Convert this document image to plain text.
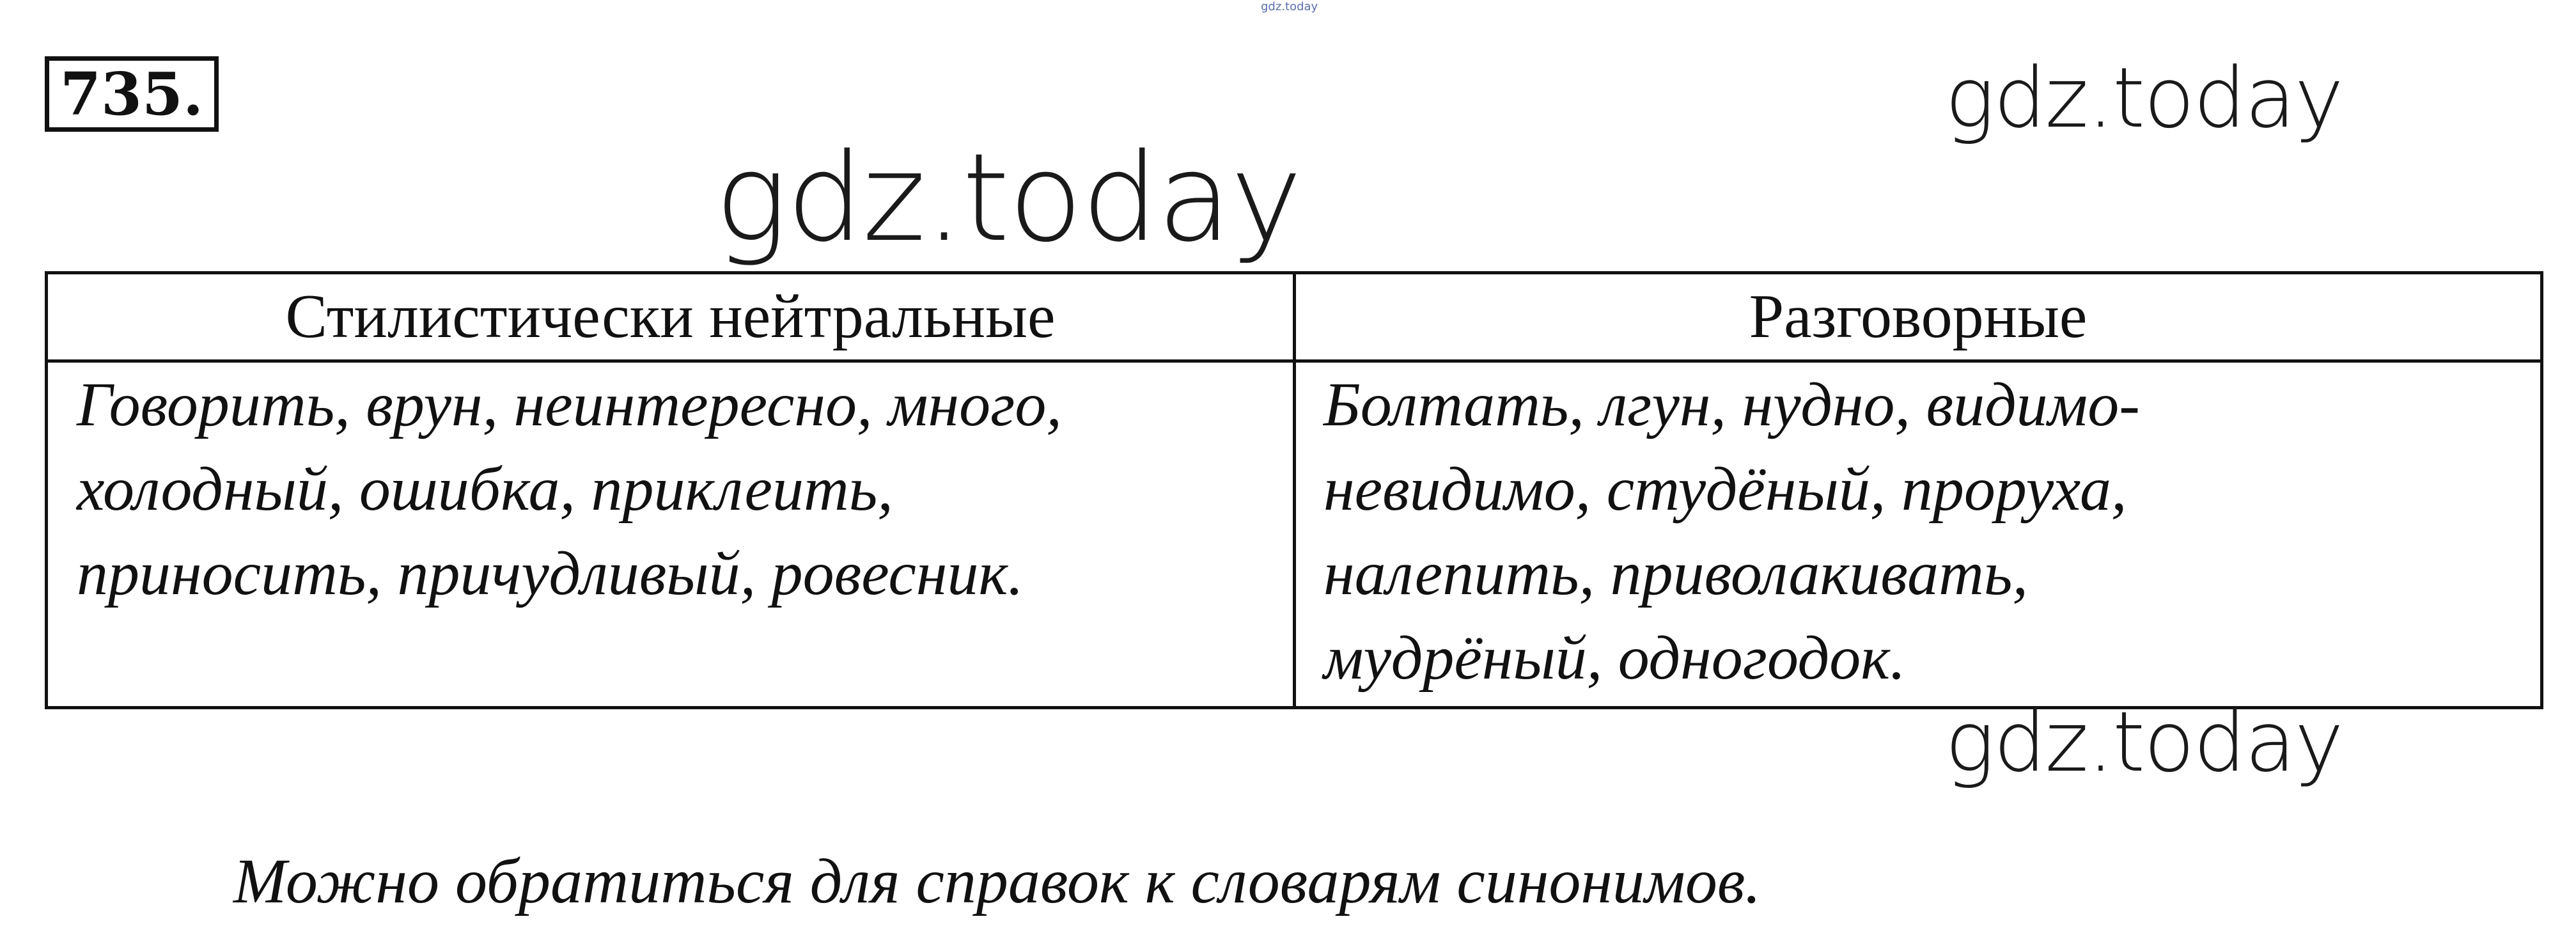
gdz.today
735.	gdz.today
gdz.today
Стилистически нейтральные	Разговорные
Говорить, врун, неинтересно, много,
холодный, ошибка, приклеить,
приносить, причудливый, ровесник.
Болтать, лгун, нудно, видимо-
невидимо, студёный, проруха,
налепить, приволакивать,
мудрёный, одногодок.
gdz.today
Можно обратиться для справок к словарям синонимов.
